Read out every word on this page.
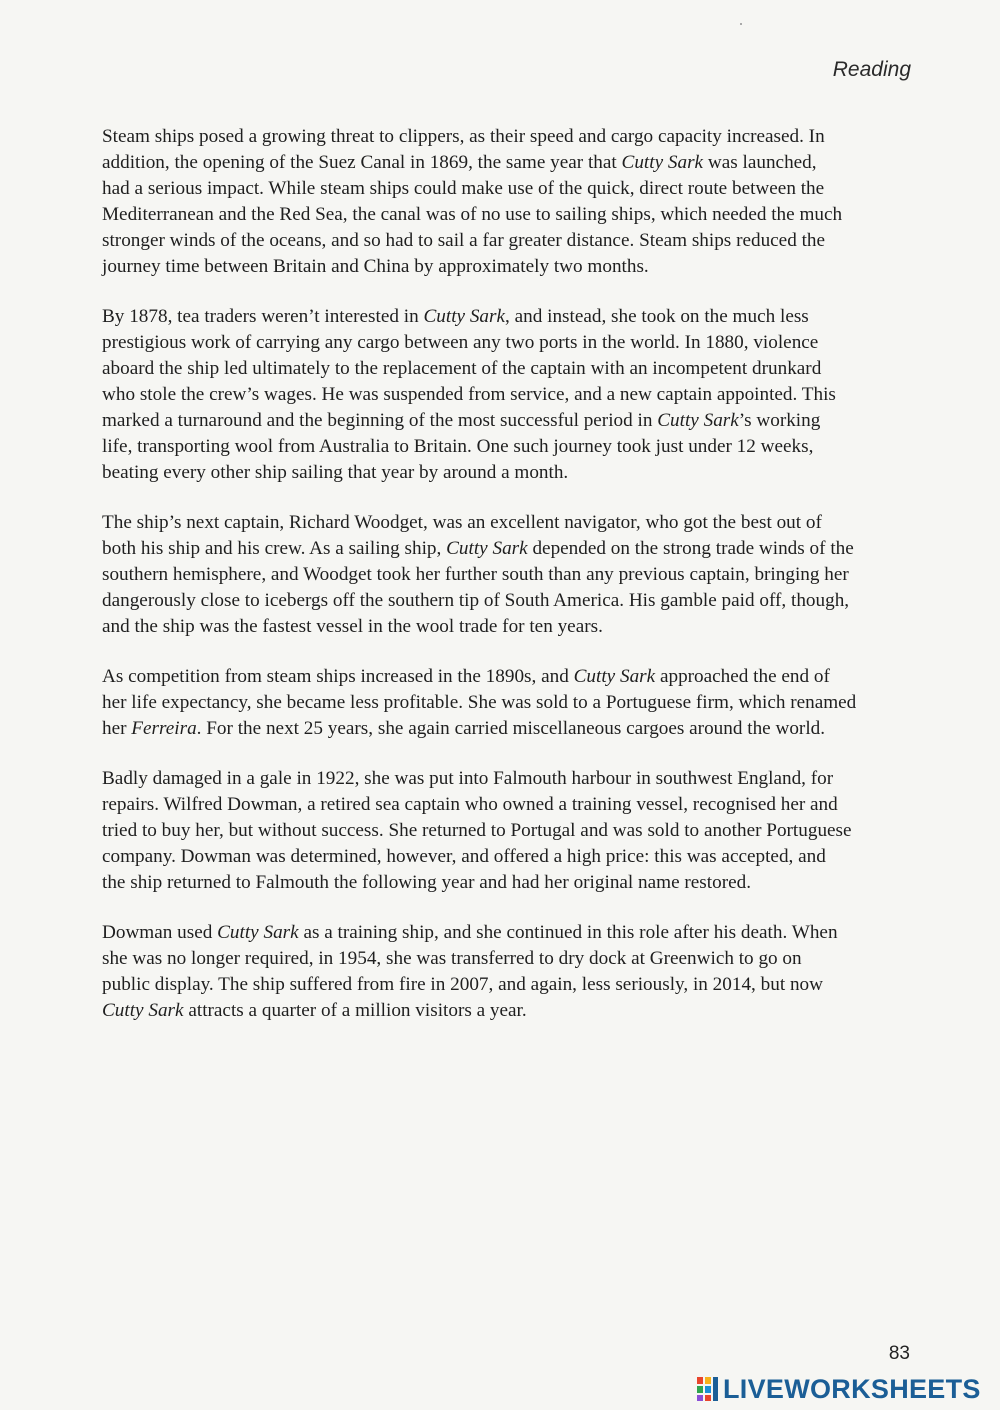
Reading

Steam ships posed a growing threat to clippers, as their speed and cargo capacity increased. In
addition, the opening of the Suez Canal in 1869, the same year that Cutty Sark was launched,
had a serious impact. While steam ships could make use of the quick, direct route between the
Mediterranean and the Red Sea, the canal was of no use to sailing ships, which needed the much
stronger winds of the oceans, and so had to sail a far greater distance. Steam ships reduced the
journey time between Britain and China by approximately two months.

By 1878, tea traders weren’t interested in Cutty Sark, and instead, she took on the much less
prestigious work of carrying any cargo between any two ports in the world. In 1880, violence
aboard the ship led ultimately to the replacement of the captain with an incompetent drunkard
who stole the crew’s wages. He was suspended from service, and a new captain appointed. This
marked a turnaround and the beginning of the most successful period in Cutty Sark’s working
life, transporting wool from Australia to Britain. One such journey took just under 12 weeks,
beating every other ship sailing that year by around a month.

The ship’s next captain, Richard Woodget, was an excellent navigator, who got the best out of
both his ship and his crew. As a sailing ship, Cutty Sark depended on the strong trade winds of the
southern hemisphere, and Woodget took her further south than any previous captain, bringing her
dangerously close to icebergs off the southern tip of South America. His gamble paid off, though,
and the ship was the fastest vessel in the wool trade for ten years.

As competition from steam ships increased in the 1890s, and Cutty Sark approached the end of
her life expectancy, she became less profitable. She was sold to a Portuguese firm, which renamed
her Ferreira. For the next 25 years, she again carried miscellaneous cargoes around the world.

Badly damaged in a gale in 1922, she was put into Falmouth harbour in southwest England, for
repairs. Wilfred Dowman, a retired sea captain who owned a training vessel, recognised her and
tried to buy her, but without success. She returned to Portugal and was sold to another Portuguese
company. Dowman was determined, however, and offered a high price: this was accepted, and
the ship returned to Falmouth the following year and had her original name restored.

Dowman used Cutty Sark as a training ship, and she continued in this role after his death. When
she was no longer required, in 1954, she was transferred to dry dock at Greenwich to go on
public display. The ship suffered from fire in 2007, and again, less seriously, in 2014, but now
Cutty Sark attracts a quarter of a million visitors a year.

83
LIVEWORKSHEETS
